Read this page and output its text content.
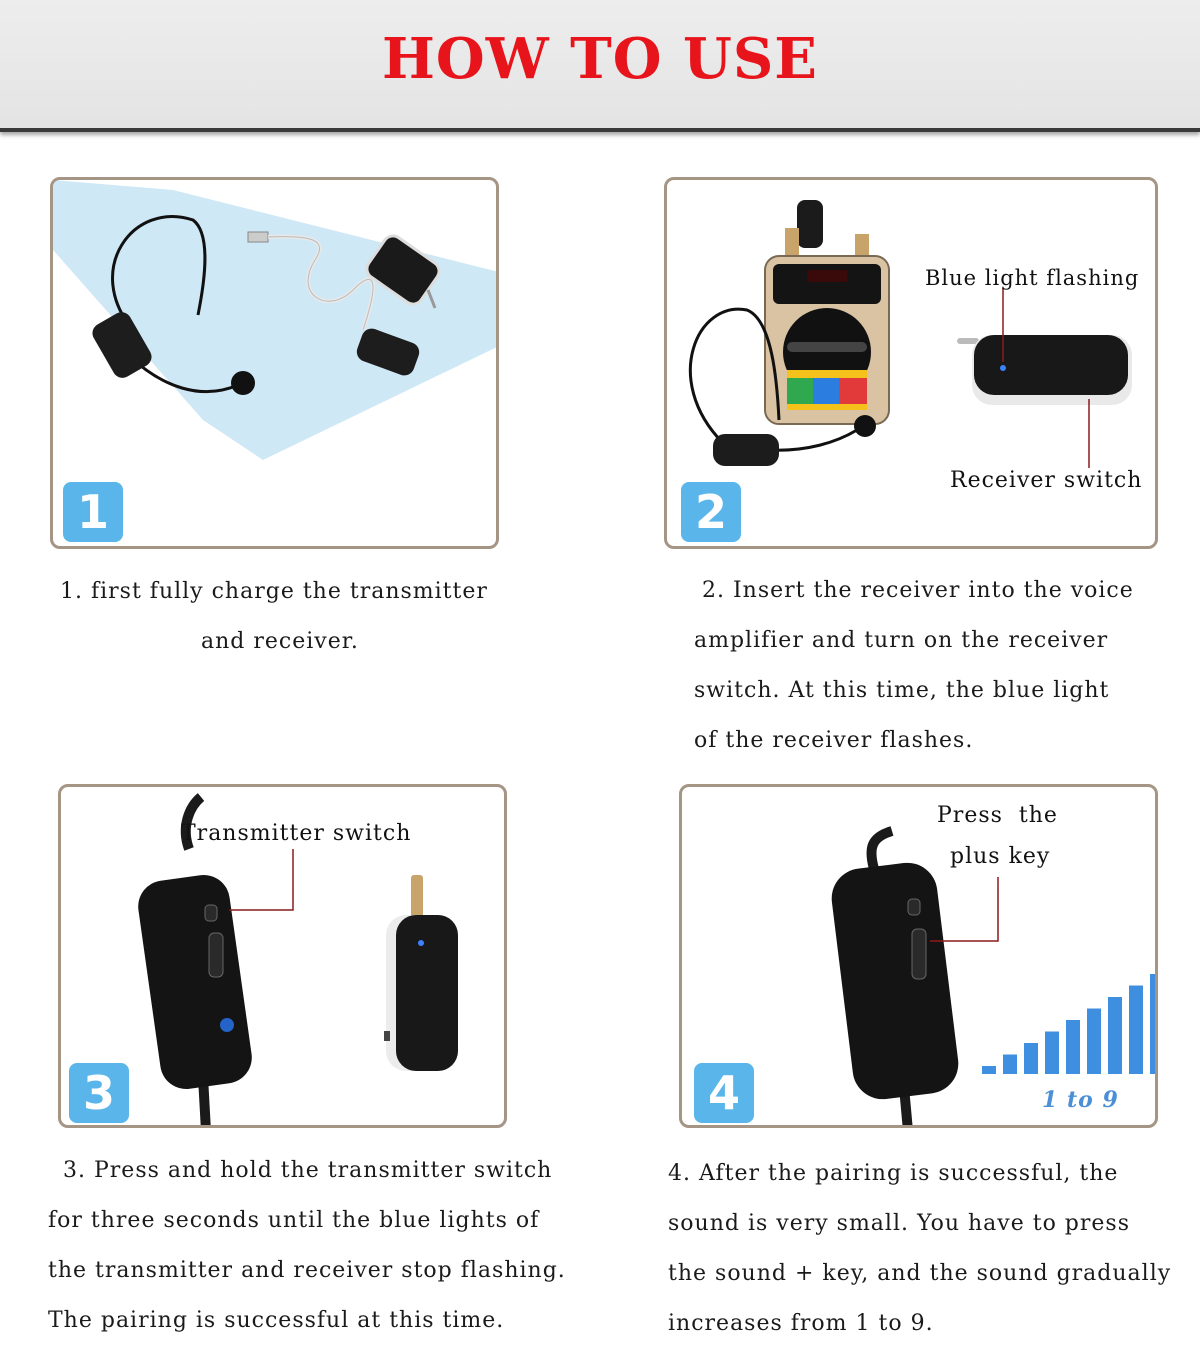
HOW TO USE
1
Blue light flashing
Receiver switch
2
1. first fully charge the transmitter
and receiver.
2. Insert the receiver into the voice
amplifier and turn on the receiver
switch. At this time, the blue light
of the receiver flashes.
Transmitter switch
3
Press  the
plus key
1 to 9
4
3. Press and hold the transmitter switch
for three seconds until the blue lights of
the transmitter and receiver stop flashing.
The pairing is successful at this time.
4. After the pairing is successful, the
sound is very small. You have to press
the sound + key, and the sound gradually
increases from 1 to 9.
